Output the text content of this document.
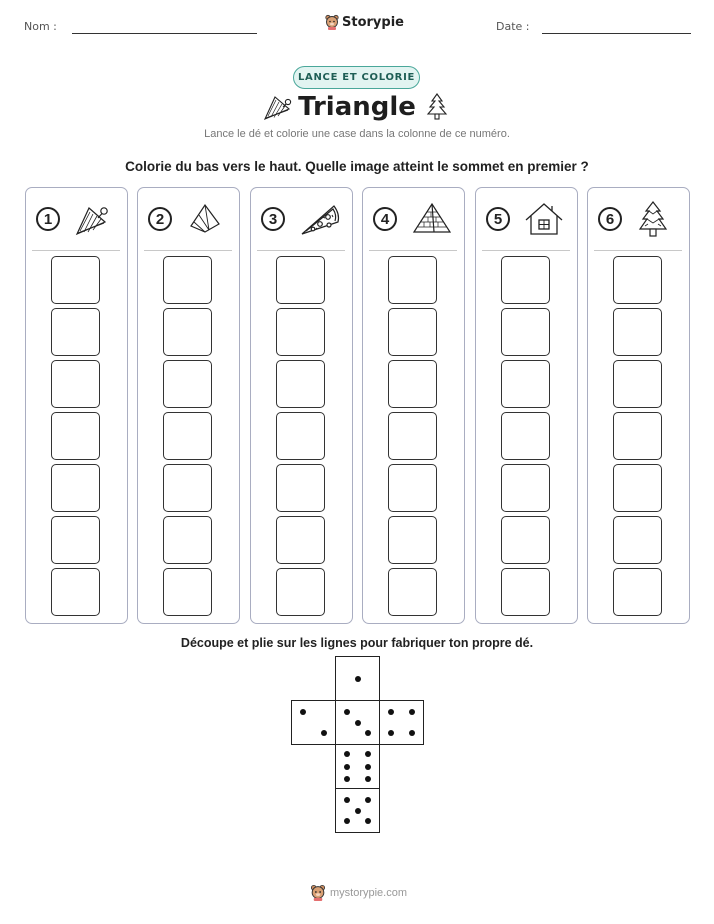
Nom :	Storypie	Date :
LANCE ET COLORIE
Triangle
Lance le dé et colorie une case dans la colonne de ce numéro.
Colorie du bas vers le haut. Quelle image atteint le sommet en premier ?
1	2	3	4	5	6
Découpe et plie sur les lignes pour fabriquer ton propre dé.
mystorypie.com
